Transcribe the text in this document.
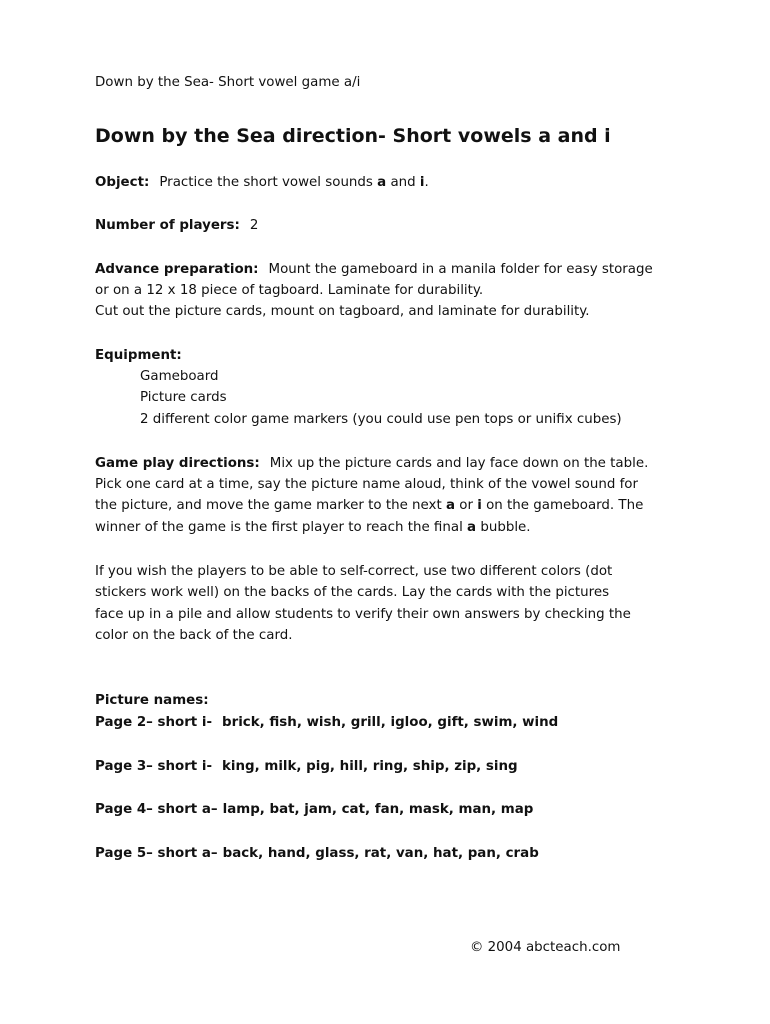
Down by the Sea- Short vowel game a/i
Down by the Sea direction- Short vowels a and i
Object: Practice the short vowel sounds a and i.
Number of players: 2
Advance preparation: Mount the gameboard in a manila folder for easy storage
or on a 12 x 18 piece of tagboard. Laminate for durability.
Cut out the picture cards, mount on tagboard, and laminate for durability.
Equipment:
Gameboard
Picture cards
2 different color game markers (you could use pen tops or unifix cubes)
Game play directions: Mix up the picture cards and lay face down on the table.
Pick one card at a time, say the picture name aloud, think of the vowel sound for
the picture, and move the game marker to the next a or i on the gameboard. The
winner of the game is the first player to reach the final a bubble.
If you wish the players to be able to self-correct, use two different colors (dot
stickers work well) on the backs of the cards. Lay the cards with the pictures
face up in a pile and allow students to verify their own answers by checking the
color on the back of the card.
Picture names:
Page 2– short i- brick, fish, wish, grill, igloo, gift, swim, wind
Page 3– short i- king, milk, pig, hill, ring, ship, zip, sing
Page 4– short a– lamp, bat, jam, cat, fan, mask, man, map
Page 5– short a– back, hand, glass, rat, van, hat, pan, crab
© 2004 abcteach.com
